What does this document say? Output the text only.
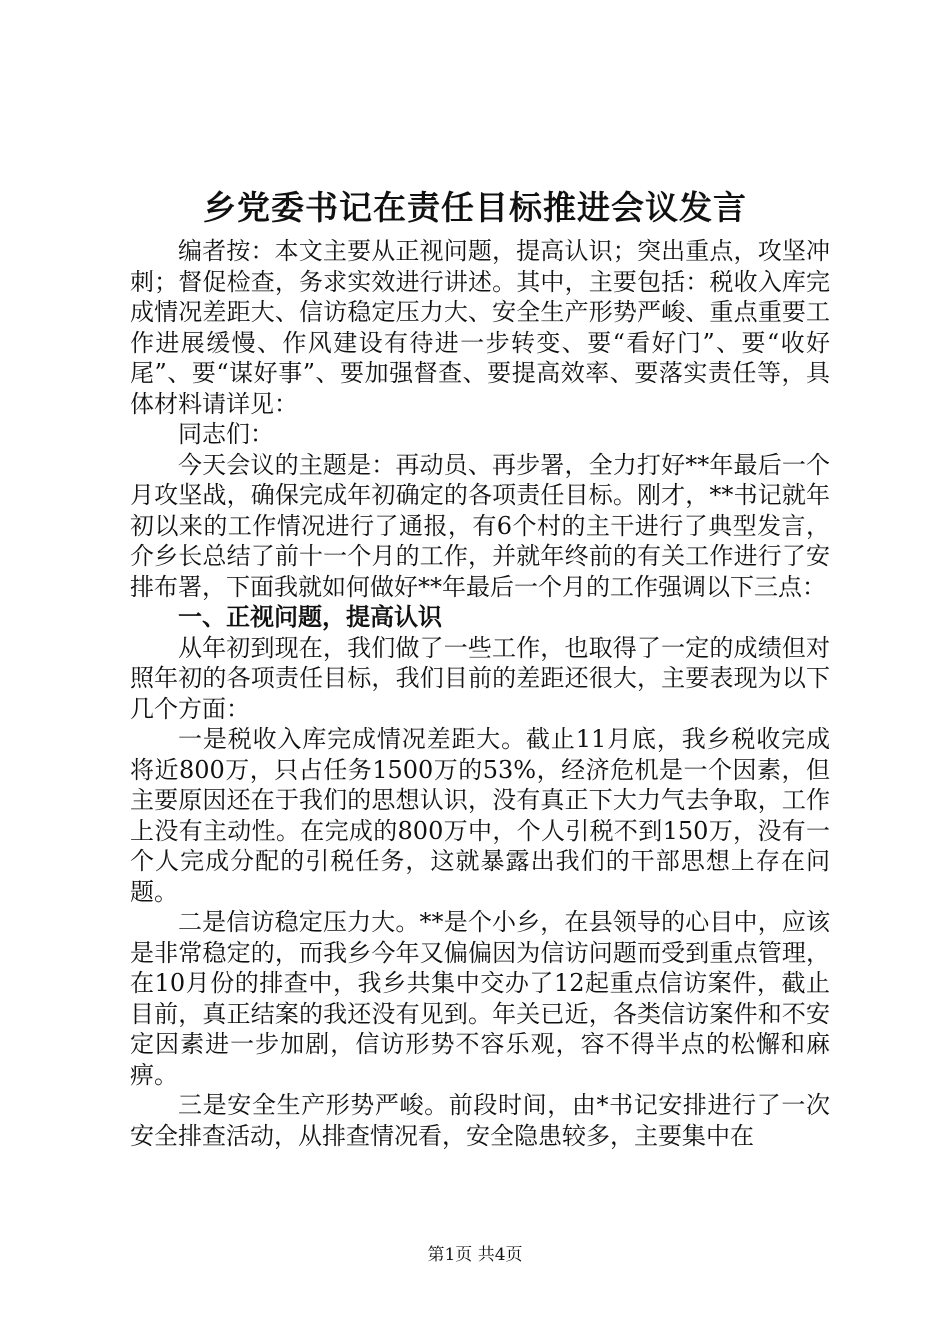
乡党委书记在责任目标推进会议发言

编者按：本文主要从正视问题，提高认识；突出重点，攻坚冲刺；督促检查，务求实效进行讲述。其中，主要包括：税收入库完成情况差距大、信访稳定压力大、安全生产形势严峻、重点重要工作进展缓慢、作风建设有待进一步转变、要“看好门”、要“收好尾”、要“谋好事”、要加强督查、要提高效率、要落实责任等，具体材料请详见：

同志们：

今天会议的主题是：再动员、再步署，全力打好**年最后一个月攻坚战，确保完成年初确定的各项责任目标。刚才，**书记就年初以来的工作情况进行了通报，有6个村的主干进行了典型发言，介乡长总结了前十一个月的工作，并就年终前的有关工作进行了安排布署，下面我就如何做好**年最后一个月的工作强调以下三点：

一、正视问题，提高认识

从年初到现在，我们做了一些工作，也取得了一定的成绩但对照年初的各项责任目标，我们目前的差距还很大，主要表现为以下几个方面：

一是税收入库完成情况差距大。截止11月底，我乡税收完成将近800万，只占任务1500万的53%，经济危机是一个因素，但主要原因还在于我们的思想认识，没有真正下大力气去争取，工作上没有主动性。在完成的800万中，个人引税不到150万，没有一个人完成分配的引税任务，这就暴露出我们的干部思想上存在问题。

二是信访稳定压力大。**是个小乡，在县领导的心目中，应该是非常稳定的，而我乡今年又偏偏因为信访问题而受到重点管理，在10月份的排查中，我乡共集中交办了12起重点信访案件，截止目前，真正结案的我还没有见到。年关已近，各类信访案件和不安定因素进一步加剧，信访形势不容乐观，容不得半点的松懈和麻痹。

三是安全生产形势严峻。前段时间，由*书记安排进行了一次安全排查活动，从排查情况看，安全隐患较多，主要集中在

第1页 共4页
